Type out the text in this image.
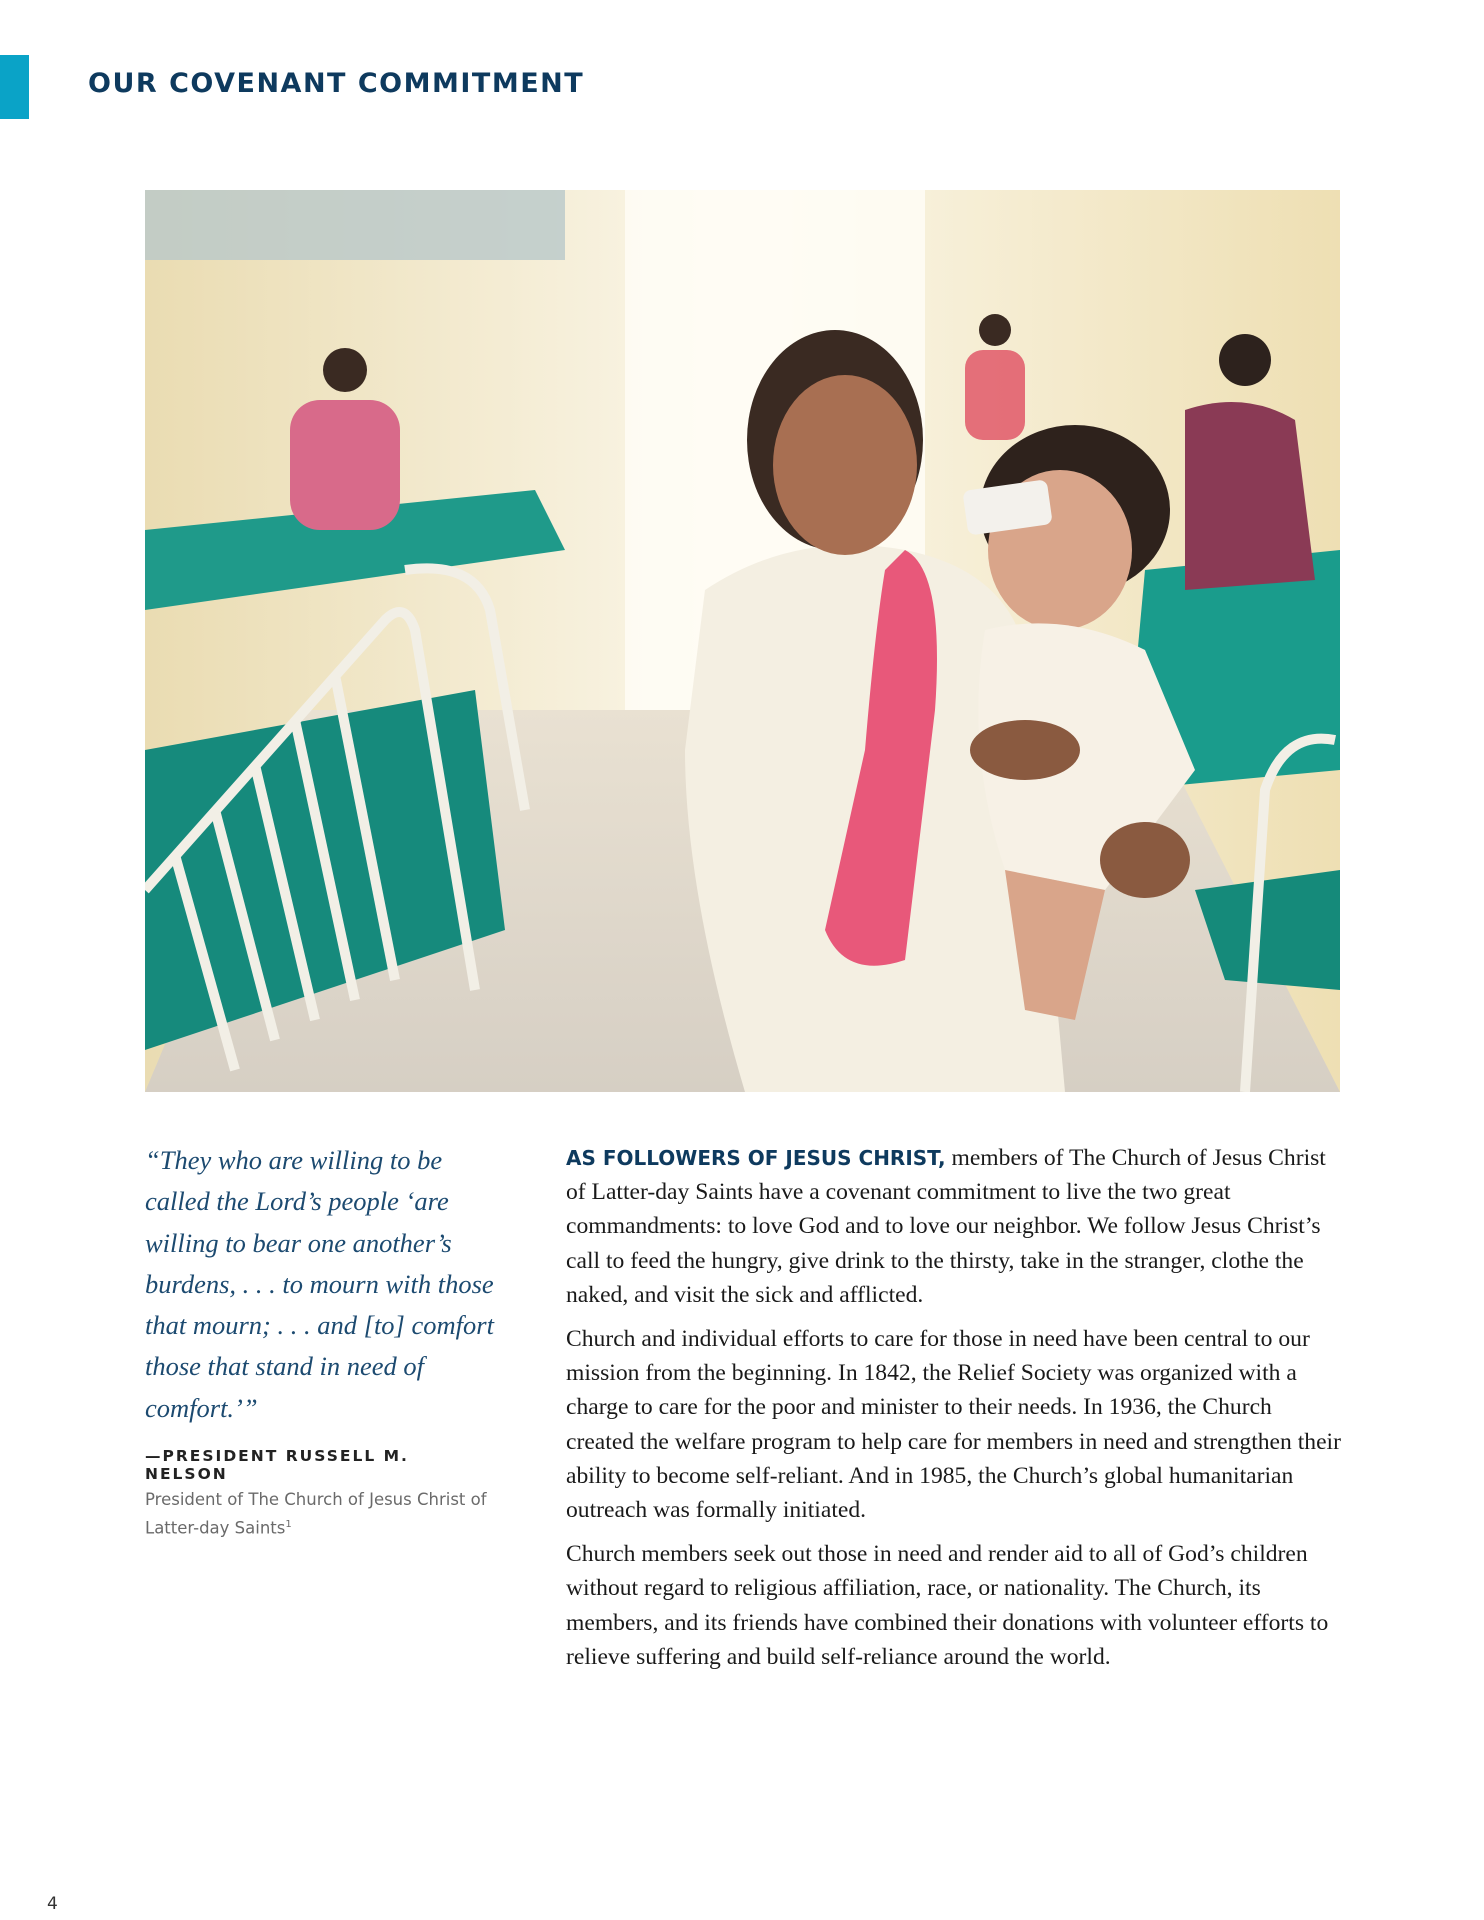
OUR COVENANT COMMITMENT

“They who are willing to be called the Lord’s people ‘are willing to bear one another’s burdens, . . . to mourn with those that mourn; . . . and [to] comfort those that stand in need of comfort.’”

—PRESIDENT RUSSELL M. NELSON
President of The Church of Jesus Christ of Latter-day Saints$^1$

AS FOLLOWERS OF JESUS CHRIST, members of The Church of Jesus Christ of Latter-day Saints have a covenant commitment to live the two great commandments: to love God and to love our neighbor. We follow Jesus Christ’s call to feed the hungry, give drink to the thirsty, take in the stranger, clothe the naked, and visit the sick and afflicted.

Church and individual efforts to care for those in need have been central to our mission from the beginning. In 1842, the Relief Society was organized with a charge to care for the poor and minister to their needs. In 1936, the Church created the welfare program to help care for members in need and strengthen their ability to become self-reliant. And in 1985, the Church’s global humanitarian outreach was formally initiated.

Church members seek out those in need and render aid to all of God’s children without regard to religious affiliation, race, or nationality. The Church, its members, and its friends have combined their donations with volunteer efforts to relieve suffering and build self-reliance around the world.

4
